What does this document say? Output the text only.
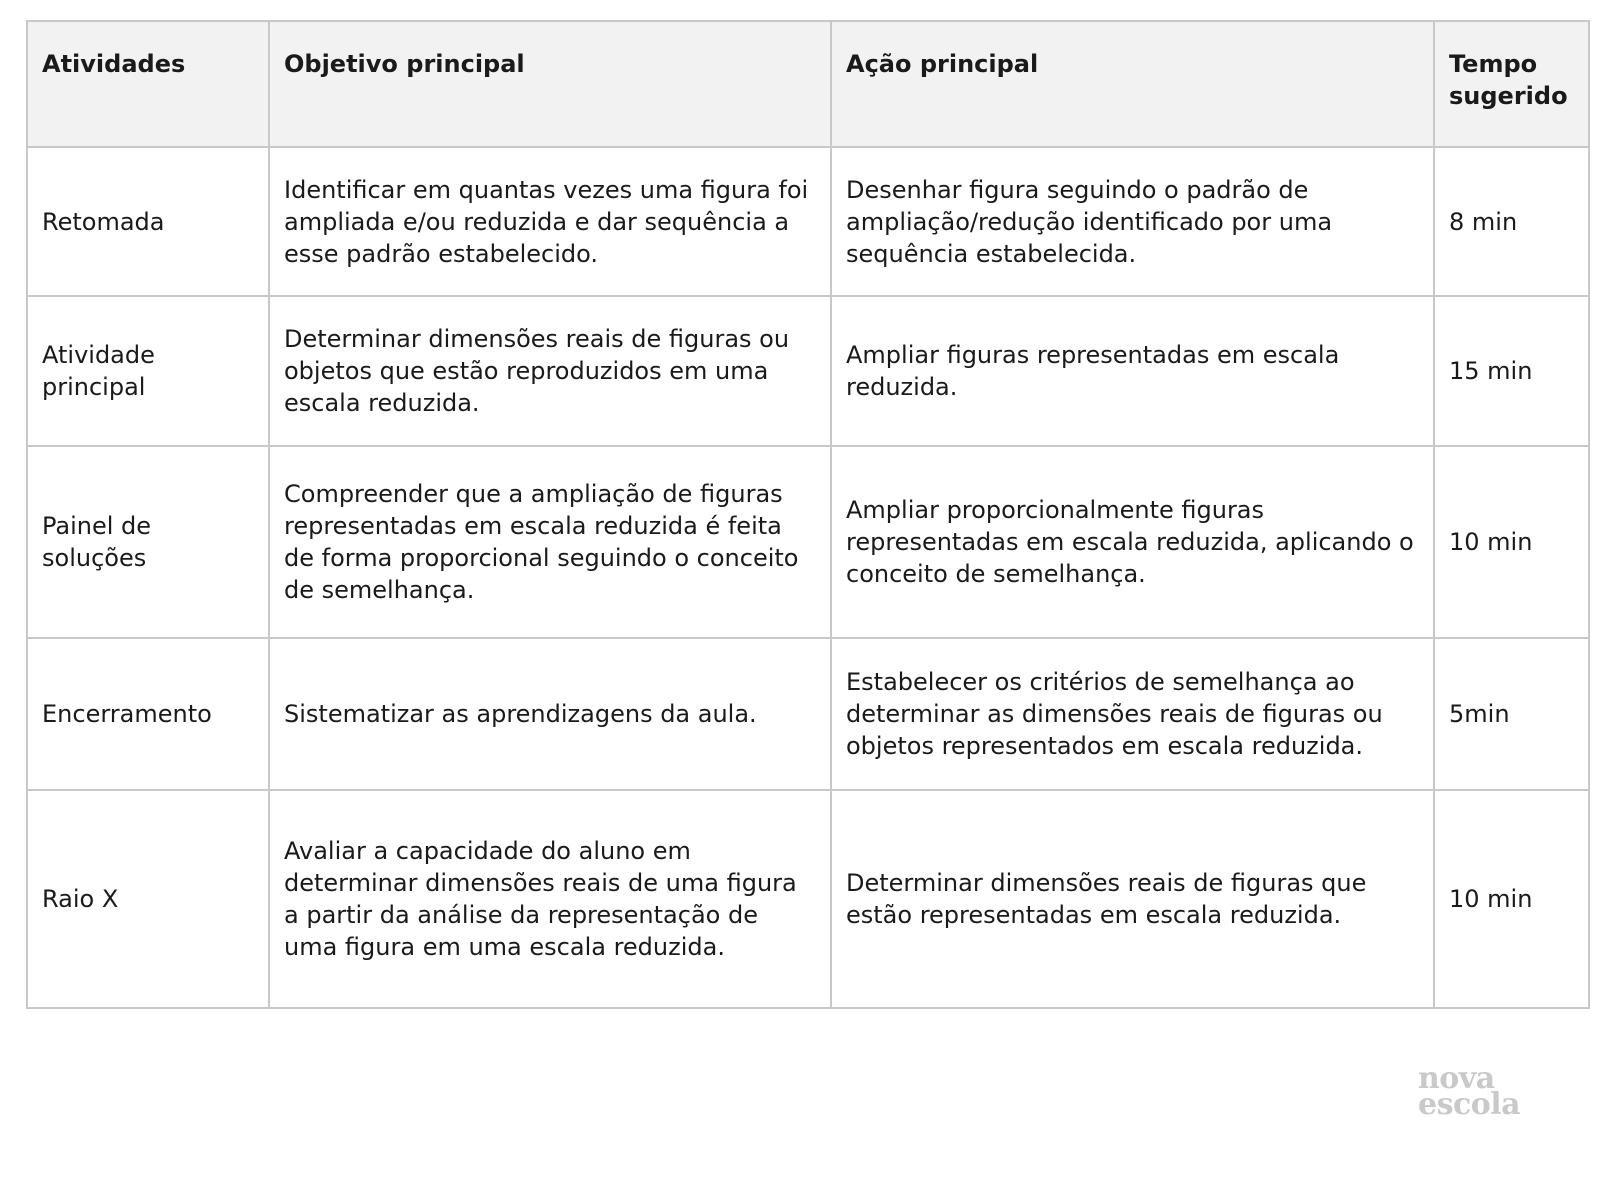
Atividades	Objetivo principal	Ação principal	Tempo sugerido
Retomada	Identificar em quantas vezes uma figura foi ampliada e/ou reduzida e dar sequência a esse padrão estabelecido.	Desenhar figura seguindo o padrão de ampliação/redução identificado por uma sequência estabelecida.	8 min
Atividade principal	Determinar dimensões reais de figuras ou objetos que estão reproduzidos em uma escala reduzida.	Ampliar figuras representadas em escala reduzida.	15 min
Painel de soluções	Compreender que a ampliação de figuras representadas em escala reduzida é feita de forma proporcional seguindo o conceito de semelhança.	Ampliar proporcionalmente figuras representadas em escala reduzida, aplicando o conceito de semelhança.	10 min
Encerramento	Sistematizar as aprendizagens da aula.	Estabelecer os critérios de semelhança ao determinar as dimensões reais de figuras ou objetos representados em escala reduzida.	5min
Raio X	Avaliar a capacidade do aluno em determinar dimensões reais de uma figura a partir da análise da representação de uma figura em uma escala reduzida.	Determinar dimensões reais de figuras que estão representadas em escala reduzida.	10 min
nova
escola
